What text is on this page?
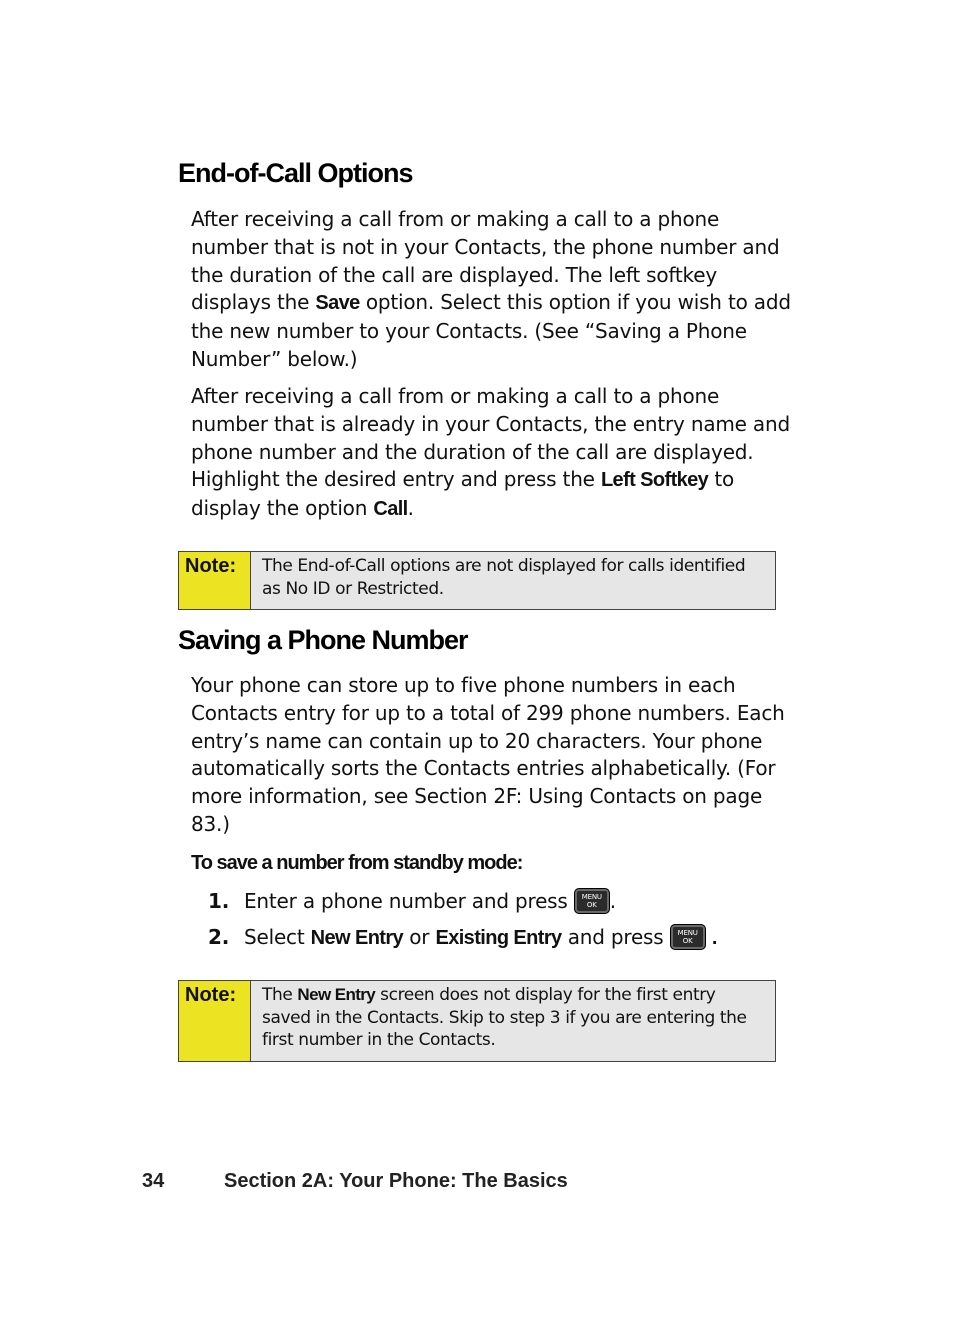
End-of-Call Options

After receiving a call from or making a call to a phone number that is not in your Contacts, the phone number and the duration of the call are displayed. The left softkey displays the Save option. Select this option if you wish to add the new number to your Contacts. (See “Saving a Phone Number” below.)

After receiving a call from or making a call to a phone number that is already in your Contacts, the entry name and phone number and the duration of the call are displayed. Highlight the desired entry and press the Left Softkey to display the option Call.

Note:	The End-of-Call options are not displayed for calls identified as No ID or Restricted.
Saving a Phone Number

Your phone can store up to five phone numbers in each Contacts entry for up to a total of 299 phone numbers. Each entry’s name can contain up to 20 characters. Your phone automatically sorts the Contacts entries alphabetically. (For more information, see Section 2F: Using Contacts on page 83.)

To save a number from standby mode:

1. Enter a phone number and press	MENU
OK .
2. Select New Entry or Existing Entry and press	MENU
OK .
Note:	The New Entry screen does not display for the first entry saved in the Contacts. Skip to step 3 if you are entering the first number in the Contacts.
34	Section 2A: Your Phone: The Basics
